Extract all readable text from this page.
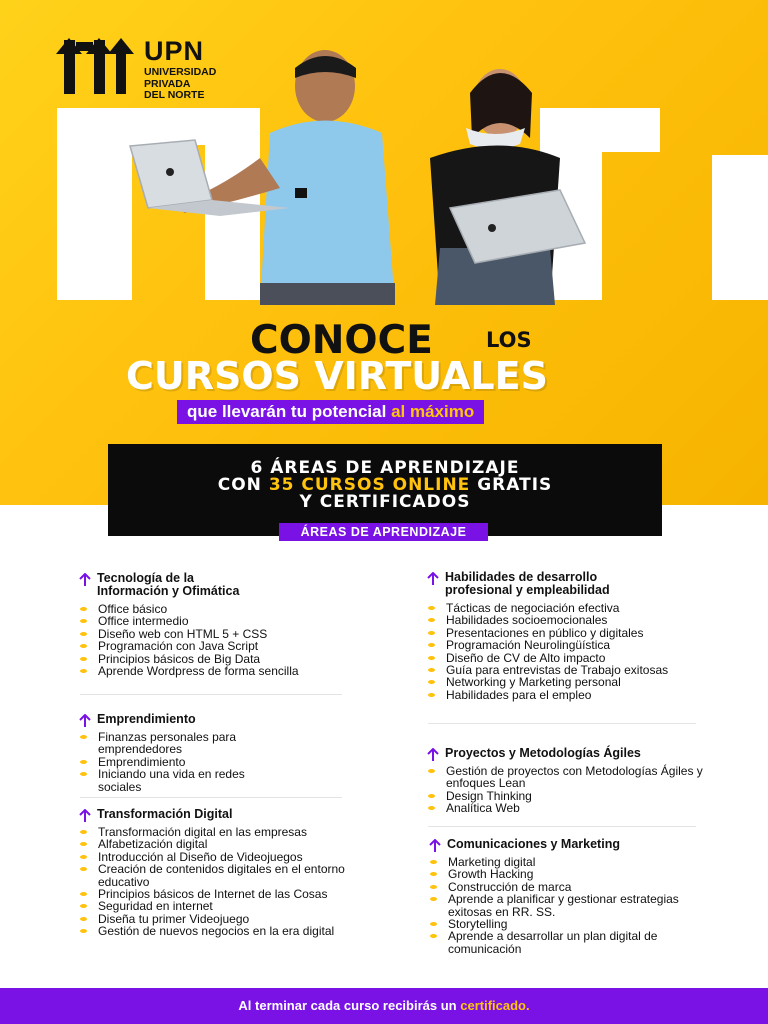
UPN
UNIVERSIDAD
PRIVADA
DEL NORTE
CONOCE	LOS
CURSOS VIRTUALES
que llevarán tu potencial al máximo
6 ÁREAS DE APRENDIZAJE
CON 35 CURSOS ONLINE GRATIS
Y CERTIFICADOS
ÁREAS DE APRENDIZAJE
Tecnología de la
Información y Ofimática
Office básico
Office intermedio
Diseño web con HTML 5 + CSS
Programación con Java Script
Principios básicos de Big Data
Aprende Wordpress de forma sencilla
Emprendimiento
Finanzas personales para emprendedores
Emprendimiento
Iniciando una vida en redes sociales
Transformación Digital
Transformación digital en las empresas
Alfabetización digital
Introducción al Diseño de Videojuegos
Creación de contenidos digitales en el entorno educativo
Principios básicos de Internet de las Cosas
Seguridad en internet
Diseña tu primer Videojuego
Gestión de nuevos negocios en la era digital
Habilidades de desarrollo
profesional y empleabilidad
Tácticas de negociación efectiva
Habilidades socioemocionales
Presentaciones en público y digitales
Programación Neurolingüística
Diseño de CV de Alto impacto
Guía para entrevistas de Trabajo exitosas
Networking y Marketing personal
Habilidades para el empleo
Proyectos y Metodologías Ágiles
Gestión de proyectos con Metodologías Ágiles y enfoques Lean
Design Thinking
Analítica Web
Comunicaciones y Marketing
Marketing digital
Growth Hacking
Construcción de marca
Aprende a planificar y gestionar estrategias exitosas en RR. SS.
Storytelling
Aprende a desarrollar un plan digital de comunicación
Al terminar cada curso recibirás un certificado.
